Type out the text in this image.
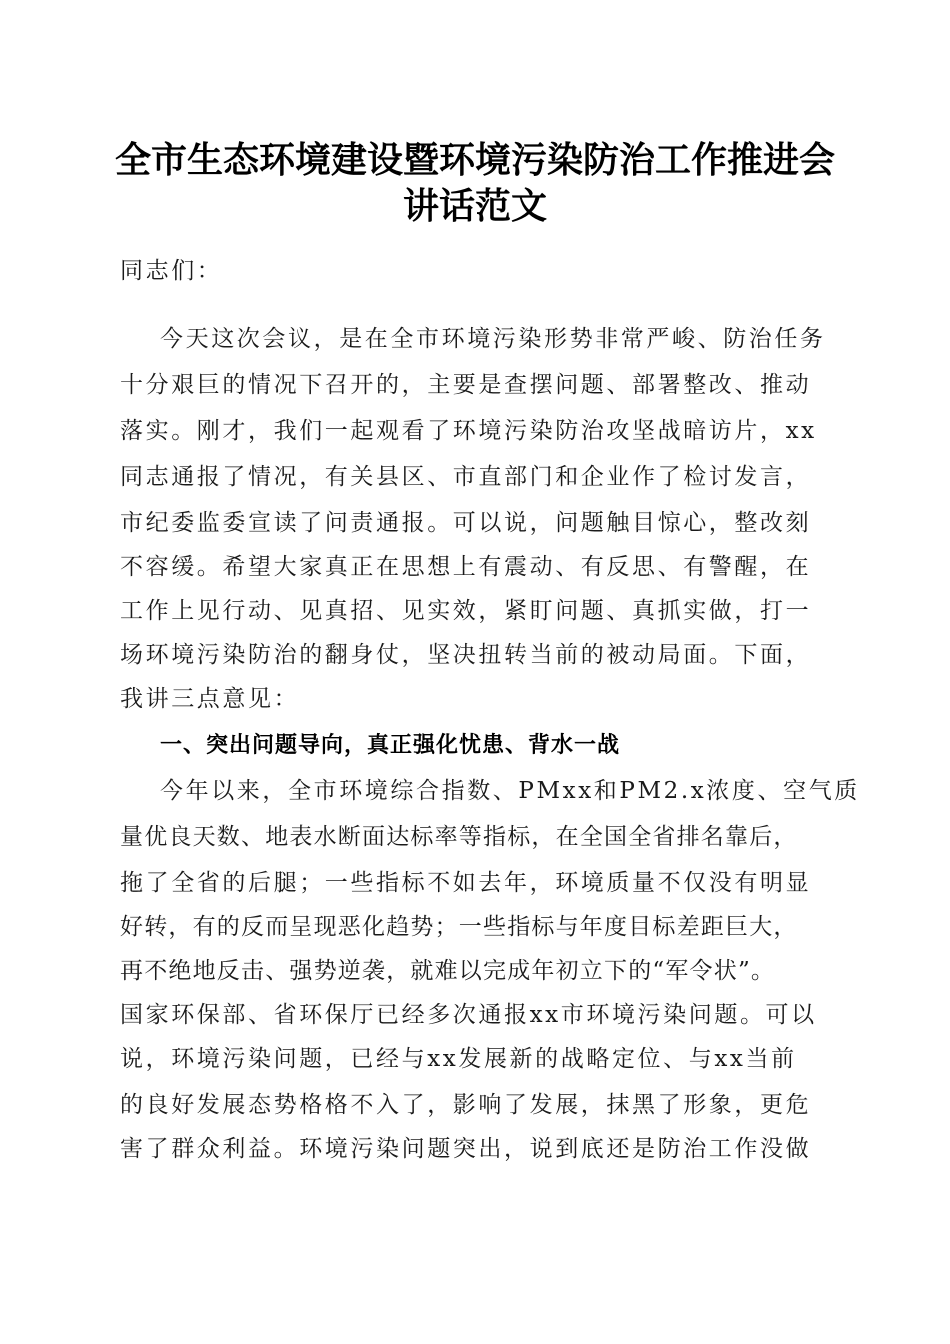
全市生态环境建设暨环境污染防治工作推进会
讲话范文
同志们：
今天这次会议，是在全市环境污染形势非常严峻、防治任务
十分艰巨的情况下召开的，主要是查摆问题、部署整改、推动
落实。刚才，我们一起观看了环境污染防治攻坚战暗访片，xx
同志通报了情况，有关县区、市直部门和企业作了检讨发言，
市纪委监委宣读了问责通报。可以说，问题触目惊心，整改刻
不容缓。希望大家真正在思想上有震动、有反思、有警醒，在
工作上见行动、见真招、见实效，紧盯问题、真抓实做，打一
场环境污染防治的翻身仗，坚决扭转当前的被动局面。下面，
我讲三点意见：
一、突出问题导向，真正强化忧患、背水一战
今年以来，全市环境综合指数、PMxx和PM2.x浓度、空气质
量优良天数、地表水断面达标率等指标，在全国全省排名靠后，
拖了全省的后腿；一些指标不如去年，环境质量不仅没有明显
好转，有的反而呈现恶化趋势；一些指标与年度目标差距巨大，
再不绝地反击、强势逆袭，就难以完成年初立下的“军令状”。
国家环保部、省环保厅已经多次通报xx市环境污染问题。可以
说，环境污染问题，已经与xx发展新的战略定位、与xx当前
的良好发展态势格格不入了，影响了发展，抹黑了形象，更危
害了群众利益。环境污染问题突出，说到底还是防治工作没做
